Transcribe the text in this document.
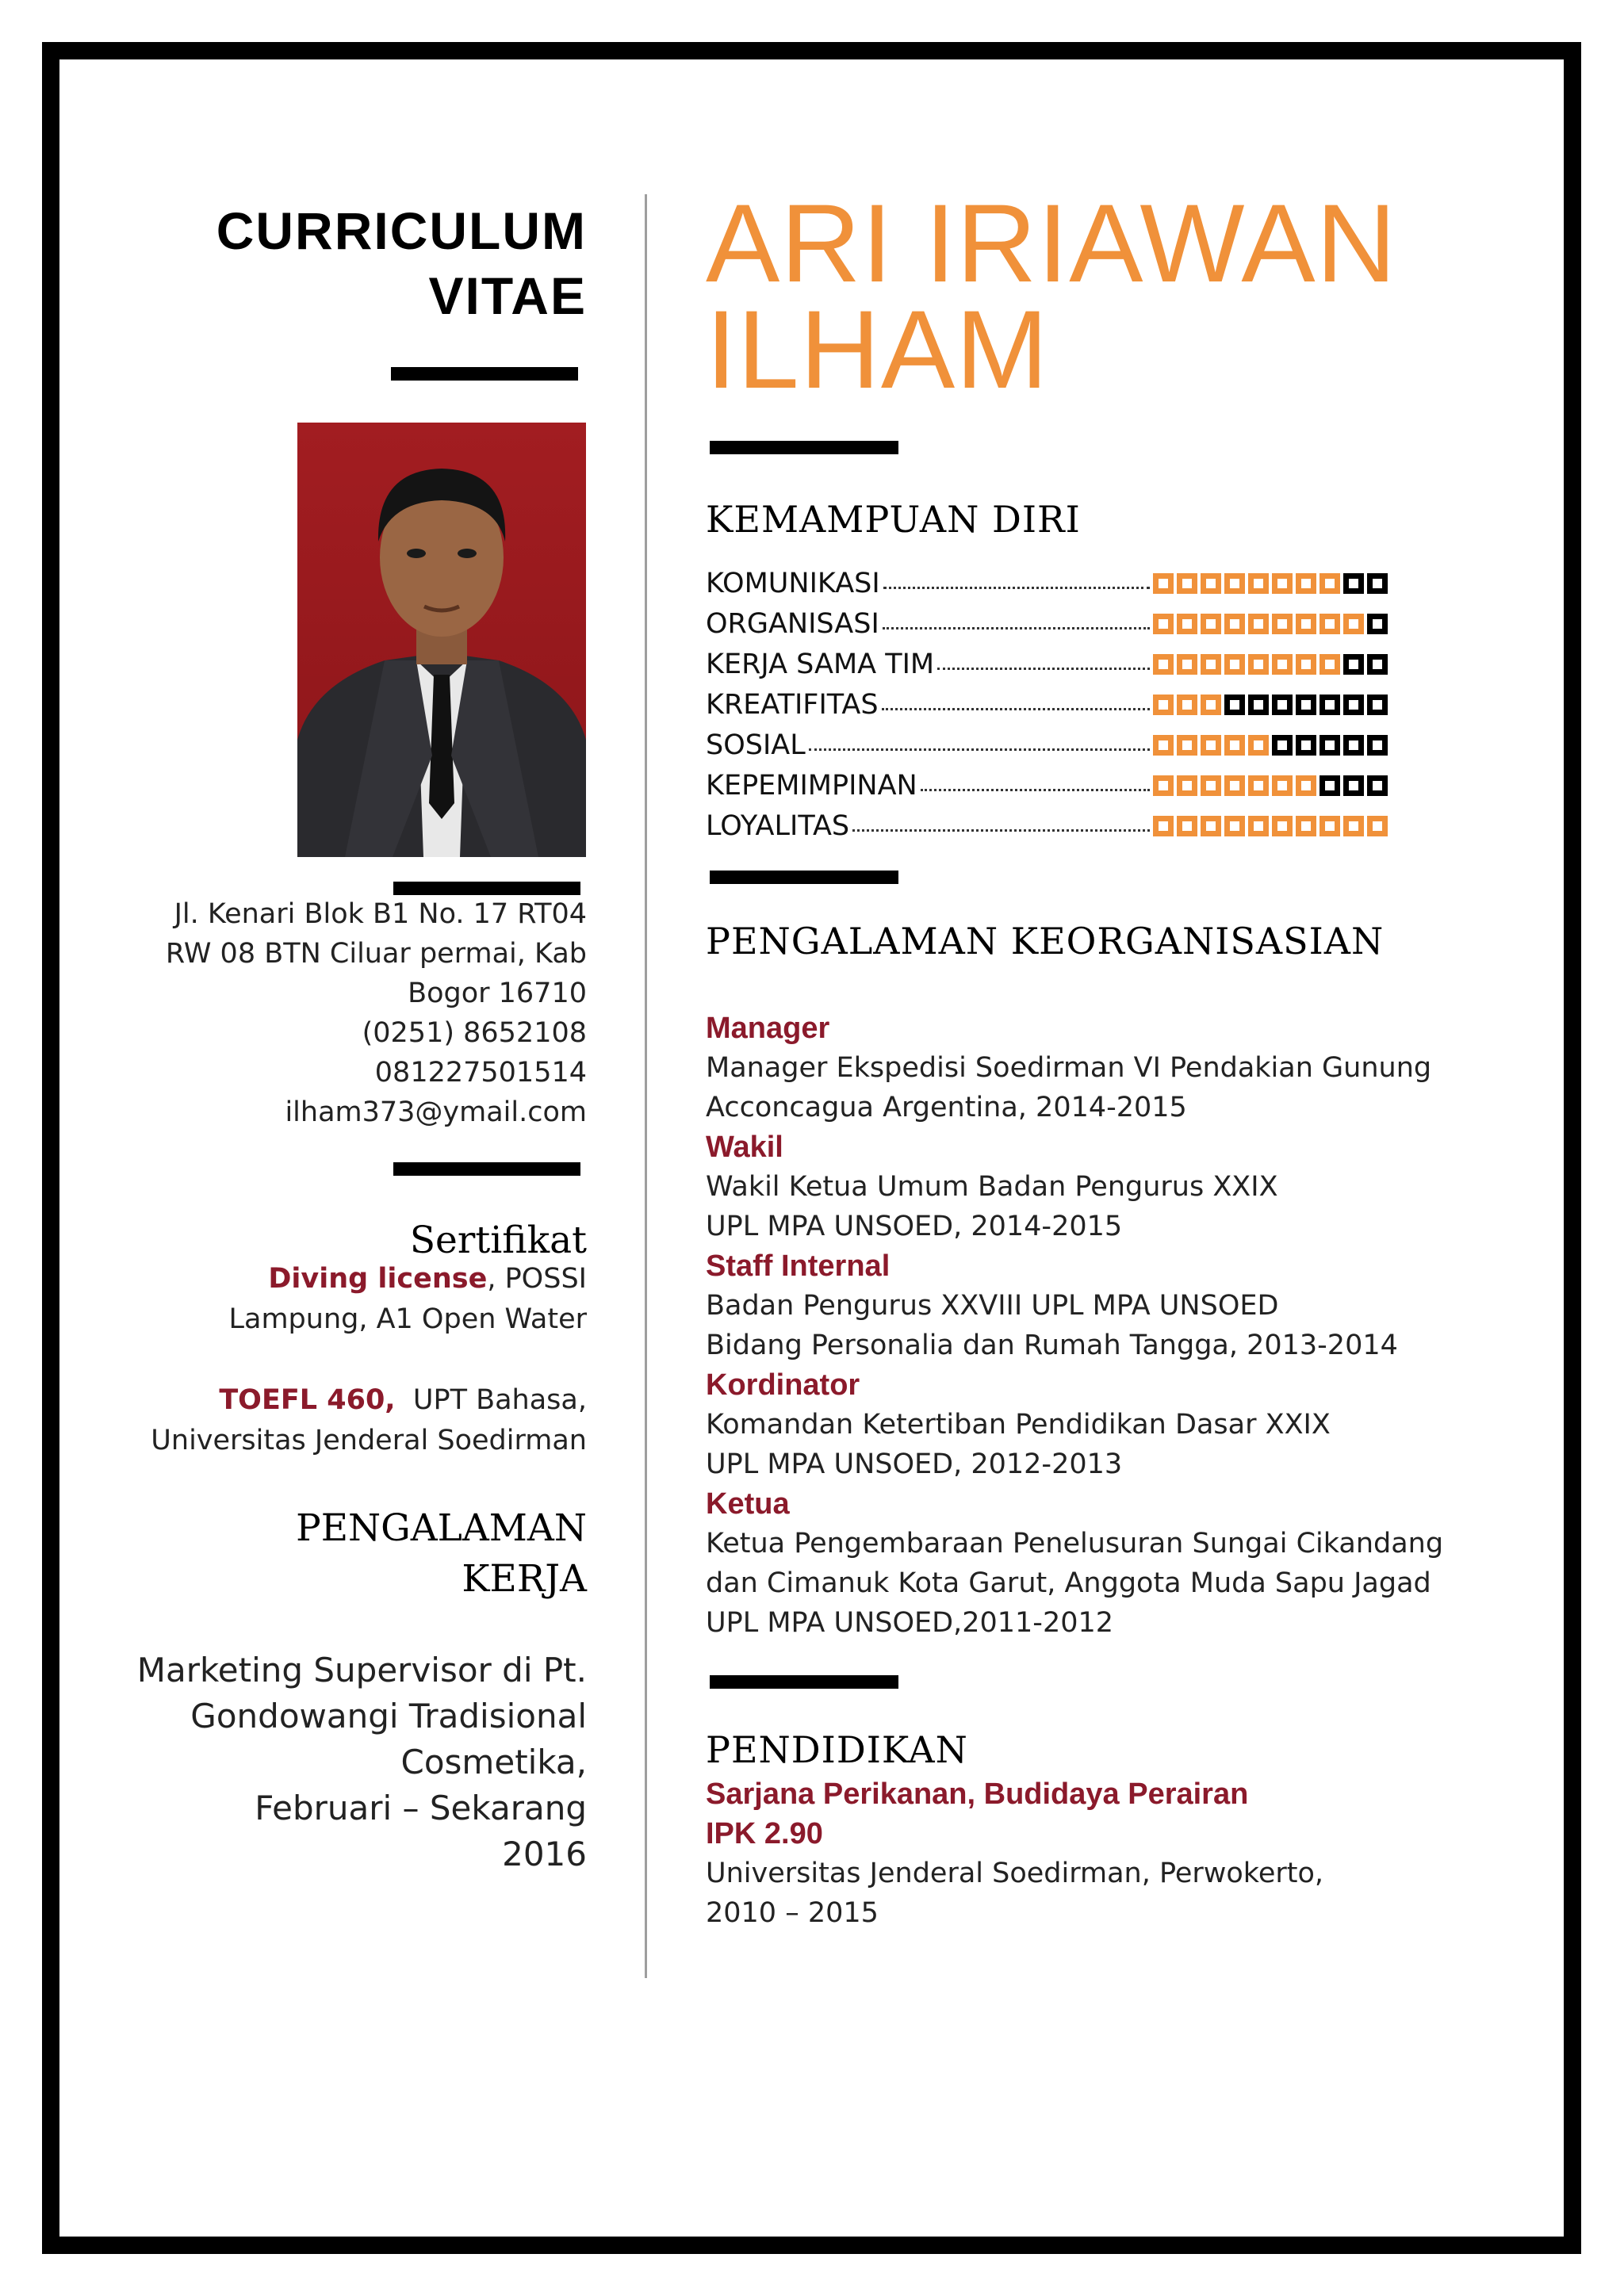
CURRICULUM
VITAE
Jl. Kenari Blok B1 No. 17 RT04
RW 08 BTN Ciluar permai, Kab
Bogor 16710
(0251) 8652108
081227501514
ilham373@ymail.com
Sertifikat
Diving license, POSSI
Lampung, A1 Open Water
TOEFL 460,  UPT Bahasa,
Universitas Jenderal Soedirman
PENGALAMAN
KERJA
Marketing Supervisor di Pt.
Gondowangi Tradisional
Cosmetika,
Februari – Sekarang
2016
ARI IRIAWAN
ILHAM
KEMAMPUAN DIRI
KOMUNIKASI
ORGANISASI
KERJA SAMA TIM
KREATIFITAS
SOSIAL
KEPEMIMPINAN
LOYALITAS
PENGALAMAN KEORGANISASIAN
Manager
Manager Ekspedisi Soedirman VI Pendakian Gunung
Acconcagua Argentina, 2014-2015
Wakil
Wakil Ketua Umum Badan Pengurus XXIX
UPL MPA UNSOED, 2014-2015
Staff Internal
Badan Pengurus XXVIII UPL MPA UNSOED
Bidang Personalia dan Rumah Tangga, 2013-2014
Kordinator
Komandan Ketertiban Pendidikan Dasar XXIX
UPL MPA UNSOED, 2012-2013
Ketua
Ketua Pengembaraan Penelusuran Sungai Cikandang
dan Cimanuk Kota Garut, Anggota Muda Sapu Jagad
UPL MPA UNSOED,2011-2012
PENDIDIKAN
Sarjana Perikanan, Budidaya Perairan
IPK 2.90
Universitas Jenderal Soedirman, Perwokerto,
2010 – 2015
